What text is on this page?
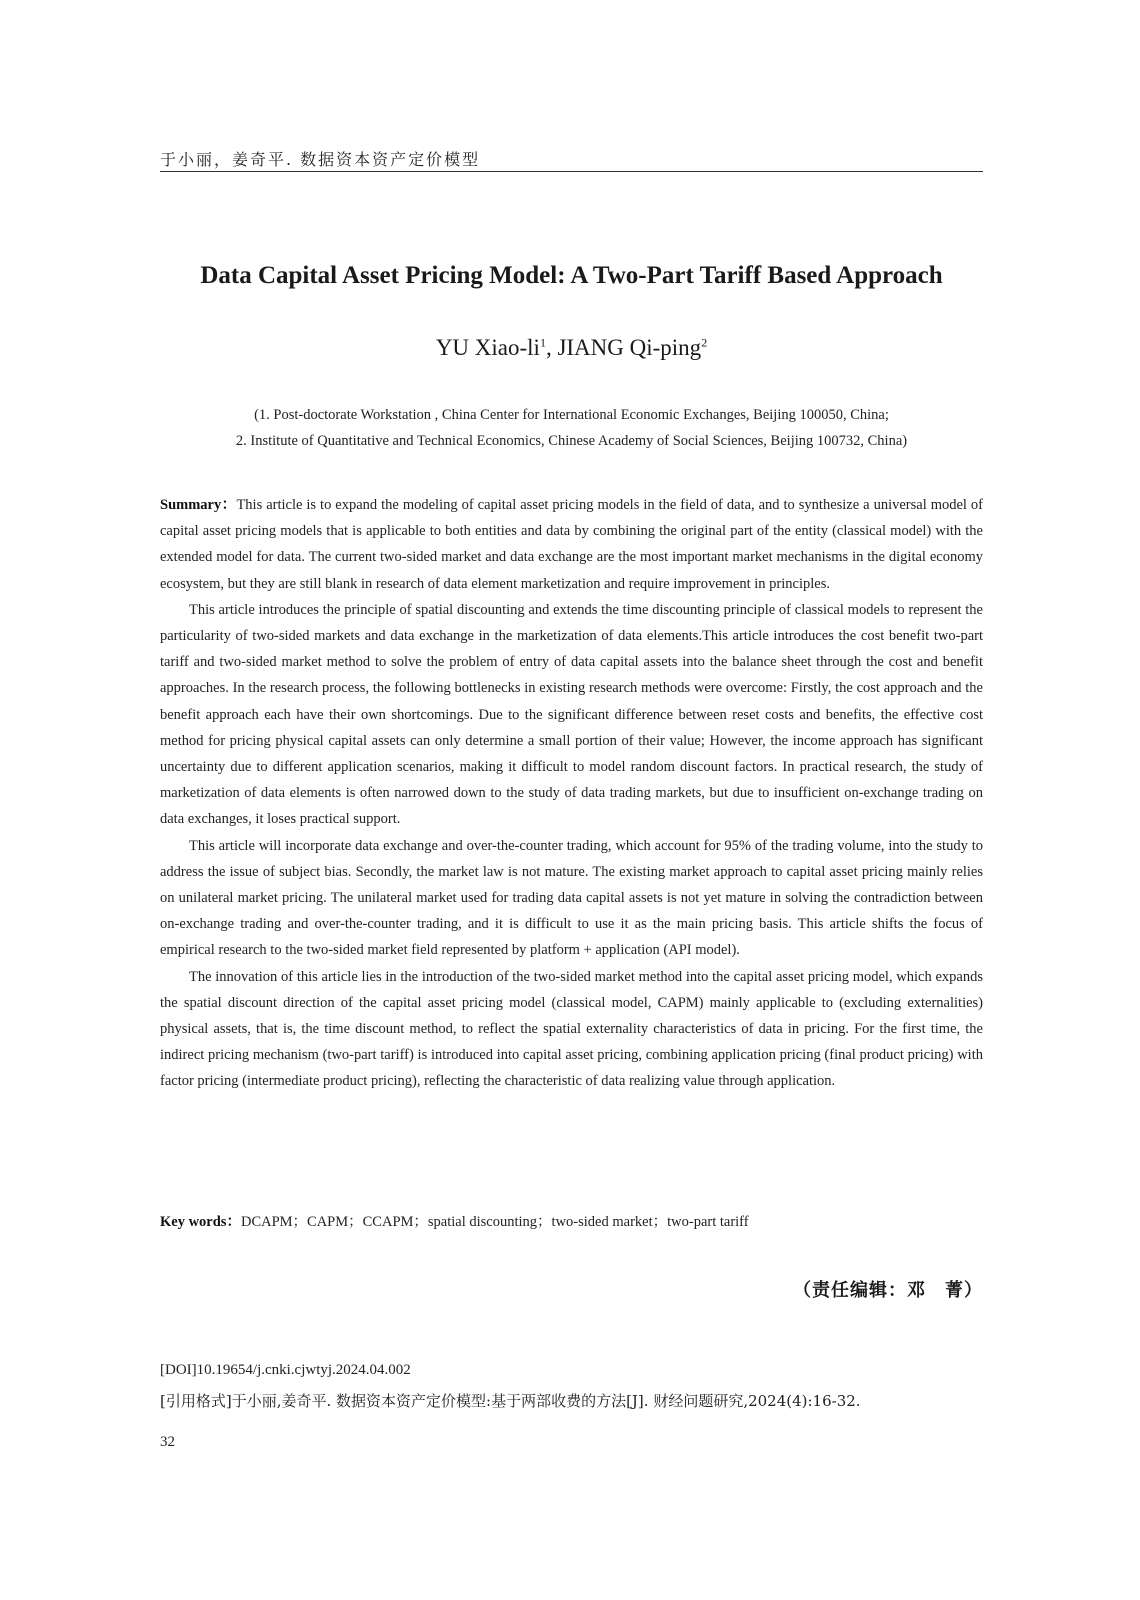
于小丽，姜奇平. 数据资本资产定价模型
Data Capital Asset Pricing Model: A Two-Part Tariff Based Approach
YU Xiao-$li^1$, JIANG Qi-ping$^2$
(1. Post-doctorate Workstation , China Center for International Economic Exchanges, Beijing 100050, China;
2. Institute of Quantitative and Technical Economics, Chinese Academy of Social Sciences, Beijing 100732, China)

Summary：This article is to expand the modeling of capital asset pricing models in the field of data, and to synthesize a universal model of capital asset pricing models that is applicable to both entities and data by combining the original part of the entity (classical model) with the extended model for data. The current two-sided market and data exchange are the most important market mechanisms in the digital economy ecosystem, but they are still blank in research of data element marketization and require improvement in principles.

This article introduces the principle of spatial discounting and extends the time discounting principle of classical models to represent the particularity of two-sided markets and data exchange in the marketization of data elements.This article introduces the cost benefit two-part tariff and two-sided market method to solve the problem of entry of data capital assets into the balance sheet through the cost and benefit approaches. In the research process, the following bottlenecks in existing research methods were overcome: Firstly, the cost approach and the benefit approach each have their own shortcomings. Due to the significant difference between reset costs and benefits, the effective cost method for pricing physical capital assets can only determine a small portion of their value; However, the income approach has significant uncertainty due to different application scenarios, making it difficult to model random discount factors. In practical research, the study of marketization of data elements is often narrowed down to the study of data trading markets, but due to insufficient on-exchange trading on data exchanges, it loses practical support.

This article will incorporate data exchange and over-the-counter trading, which account for 95% of the trading volume, into the study to address the issue of subject bias. Secondly, the market law is not mature. The existing market approach to capital asset pricing mainly relies on unilateral market pricing. The unilateral market used for trading data capital assets is not yet mature in solving the contradiction between on-exchange trading and over-the-counter trading, and it is difficult to use it as the main pricing basis. This article shifts the focus of empirical research to the two-sided market field represented by platform + application (API model).

The innovation of this article lies in the introduction of the two-sided market method into the capital asset pricing model, which expands the spatial discount direction of the capital asset pricing model (classical model, CAPM) mainly applicable to (excluding externalities) physical assets, that is, the time discount method, to reflect the spatial externality characteristics of data in pricing. For the first time, the indirect pricing mechanism (two-part tariff) is introduced into capital asset pricing, combining application pricing (final product pricing) with factor pricing (intermediate product pricing), reflecting the characteristic of data realizing value through application.

Key words：DCAPM；CAPM；CCAPM；spatial discounting；two-sided market；two-part tariff
（责任编辑：邓　菁）
[DOI]10.19654/j.cnki.cjwtyj.2024.04.002
[引用格式]于小丽,姜奇平. 数据资本资产定价模型:基于两部收费的方法[J]. 财经问题研究,2024(4):16-32.
32
